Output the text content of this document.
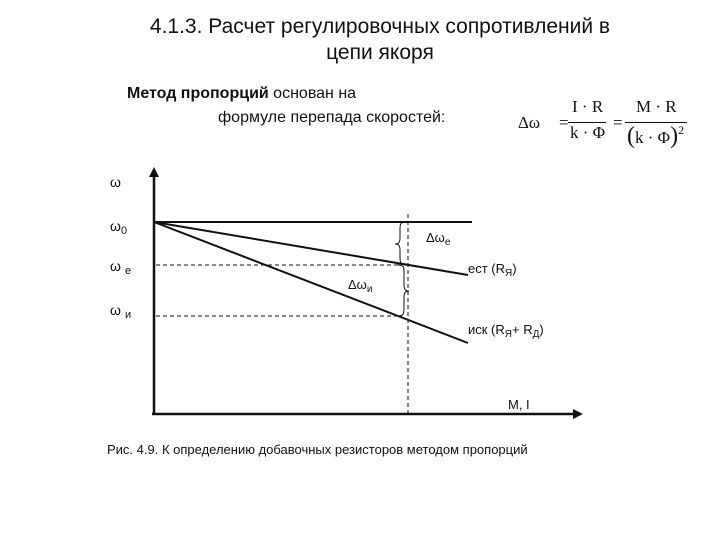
4.1.3. Расчет регулировочных сопротивлений в
цепи якоря
Метод пропорций основан на
формуле перепада скоростей:	Δω =
I · R
k · Φ
=
M · R
$(k \cdot \Phi)^2$
ω
$\omega_0$
ω $_е$
ω $_и$
$\Delta\omega_е$
$\Delta\omega_и$
ест $(R_Я)$
иск $(R_Я+ R_Д)$
M, I
Рис. 4.9. К определению добавочных резисторов методом пропорций
